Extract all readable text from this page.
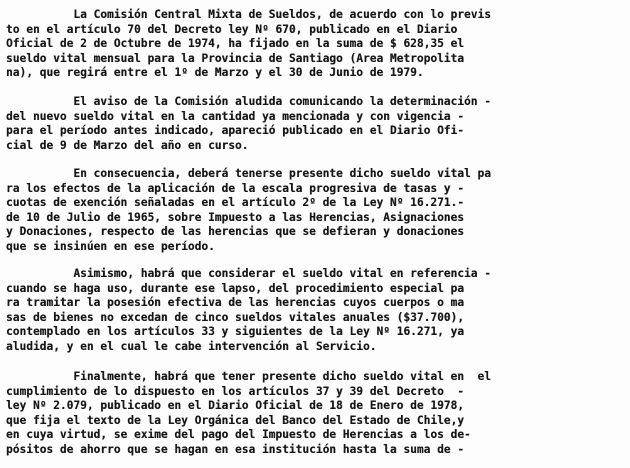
La Comisión Central Mixta de Sueldos, de acuerdo con lo previs
to en el artículo 70 del Decreto ley Nº 670, publicado en el Diario
Oficial de 2 de Octubre de 1974, ha fijado en la suma de $ 628,35 el
sueldo vital mensual para la Provincia de Santiago (Area Metropolita
na), que regirá entre el 1º de Marzo y el 30 de Junio de 1979.
El aviso de la Comisión aludida comunicando la determinación -
del nuevo sueldo vital en la cantidad ya mencionada y con vigencia -
para el período antes indicado, apareció publicado en el Diario Ofi-
cial de 9 de Marzo del año en curso.
En consecuencia, deberá tenerse presente dicho sueldo vital pa
ra los efectos de la aplicación de la escala progresiva de tasas y -
cuotas de exención señaladas en el artículo 2º de la Ley Nº 16.271.-
de 10 de Julio de 1965, sobre Impuesto a las Herencias, Asignaciones
y Donaciones, respecto de las herencias que se defieran y donaciones
que se insinúen en ese período.
Asimismo, habrá que considerar el sueldo vital en referencia -
cuando se haga uso, durante ese lapso, del procedimiento especial pa
ra tramitar la posesión efectiva de las herencias cuyos cuerpos o ma
sas de bienes no excedan de cinco sueldos vitales anuales ($37.700),
contemplado en los artículos 33 y siguientes de la Ley Nº 16.271, ya
aludida, y en el cual le cabe intervención al Servicio.
Finalmente, habrá que tener presente dicho sueldo vital en  el
cumplimiento de lo dispuesto en los artículos 37 y 39 del Decreto  -
ley Nº 2.079, publicado en el Diario Oficial de 18 de Enero de 1978,
que fija el texto de la Ley Orgánica del Banco del Estado de Chile,y
en cuya virtud, se exime del pago del Impuesto de Herencias a los de-
pósitos de ahorro que se hagan en esa institución hasta la suma de -
